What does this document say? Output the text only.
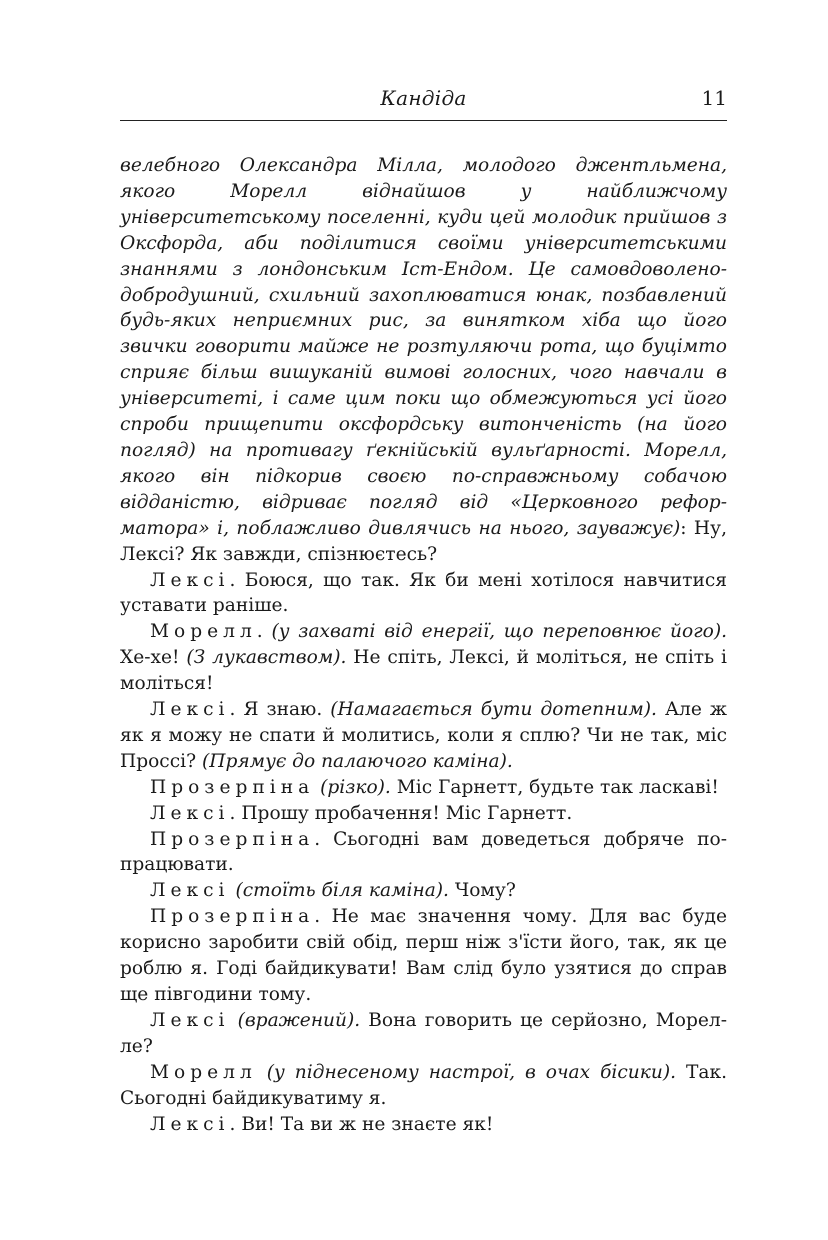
Кандіда	11

велебного Олександра Мілла, молодого джентльмена, якого Морелл віднайшов у найближчому університетському поселенні, куди цей молодик прийшов з Оксфорда, аби поділитися своїми університетськими знаннями з лондонським Іст-Ендом. Це самовдоволено-добродушний, схильний захоплюватися юнак, позбавлений будь-яких неприємних рис, за винятком хіба що його звички говорити майже не розтуляючи рота, що буцімто сприяє більш вишуканій вимові голосних, чого навчали в університеті, і саме цим поки що обмежуються усі його спроби прищепити оксфордську витонченість (на його погляд) на противагу ґекнійській вульґарності. Морелл, якого він підкорив своєю по-справжньому собачою відданістю, відриває погляд від «Церковного реформатора» і, поблажливо дивлячись на нього, зауважує): Ну, Лексі? Як завжди, спізнюєтесь?

Лексі. Боюся, що так. Як би мені хотілося навчитися уставати раніше.

Морелл. (у захваті від енергії, що переповнює його). Хе-хе! (З лукавством). Не спіть, Лексі, й моліться, не спіть і моліться!

Лексі. Я знаю. (Намагається бути дотепним). Але ж як я можу не спати й молитись, коли я сплю? Чи не так, міс Проссі? (Прямує до палаючого каміна).

Прозерпіна (різко). Міс Гарнетт, будьте так ласкаві!

Лексі. Прошу пробачення! Міс Гарнетт.

Прозерпіна. Сьогодні вам доведеться добряче попрацювати.

Лексі (стоїть біля каміна). Чому?

Прозерпіна. Не має значення чому. Для вас буде корисно заробити свій обід, перш ніж з'їсти його, так, як це роблю я. Годі байдикувати! Вам слід було узятися до справ ще півгодини тому.

Лексі (вражений). Вона говорить це серйозно, Морелле?

Морелл (у піднесеному настрої, в очах бісики). Так. Сьогодні байдикуватиму я.

Лексі. Ви! Та ви ж не знаєте як!
